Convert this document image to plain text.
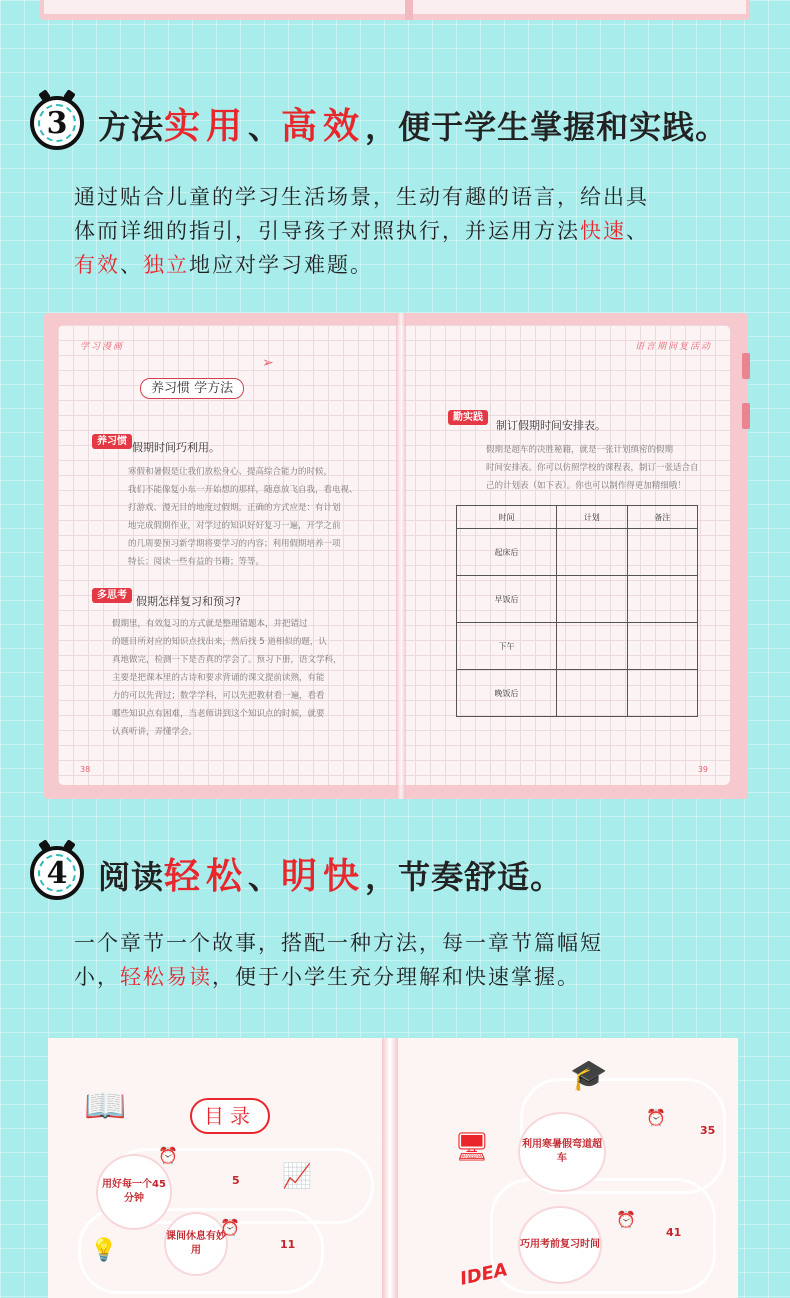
3 方法实用、高效，便于学生掌握和实践。
通过贴合儿童的学习生活场景，生动有趣的语言，给出具
体而详细的指引，引导孩子对照执行，并运用方法快速、
有效、独立地应对学习难题。
学习漫画
养习惯 学方法
➢
养习惯 假期时间巧利用。
寒假和暑假是让我们放松身心、提高综合能力的时候，
我们不能像复小东一开始想的那样，随意放飞自我，看电视、
打游戏、漫无目的地度过假期。正确的方式应是：有计划
地完成假期作业，对学过的知识好好复习一遍，开学之前
的几周要预习新学期将要学习的内容；利用假期培养一项
特长；阅读一些有益的书籍；等等。
多思考 假期怎样复习和预习?
假期里，有效复习的方式就是整理错题本，并把错过
的题目所对应的知识点找出来，然后找 5 道相似的题，认
真地做完，检测一下是否真的学会了。预习下册，语文学科，
主要是把课本里的古诗和要求背诵的课文提前读熟，有能
力的可以先背过；数学学科，可以先把教材看一遍，看看
哪些知识点有困难，当老师讲到这个知识点的时候，就要
认真听讲，弄懂学会。
38
语言期间复活动
勤实践
制订假期时间安排表。
假期是超车的决胜秘籍，就是一张计划缜密的假期
时间安排表。你可以仿照学校的课程表，制订一张适合自
己的计划表（如下表）。你也可以制作得更加精细哦！
时间	计划	备注
起床后		
早饭后		
下午		
晚饭后		
39
4 阅读轻松、明快，节奏舒适。
一个章节一个故事，搭配一种方法，每一章节篇幅短
小，轻松易读，便于小学生充分理解和快速掌握。
📖	目录
用好每一个45分钟
⏰
5 📈
课间休息有妙用
⏰
11
💡
🎓
利用寒暑假弯道超车
⏰
35
🖥
巧用考前复习时间
⏰
41
IDEA
